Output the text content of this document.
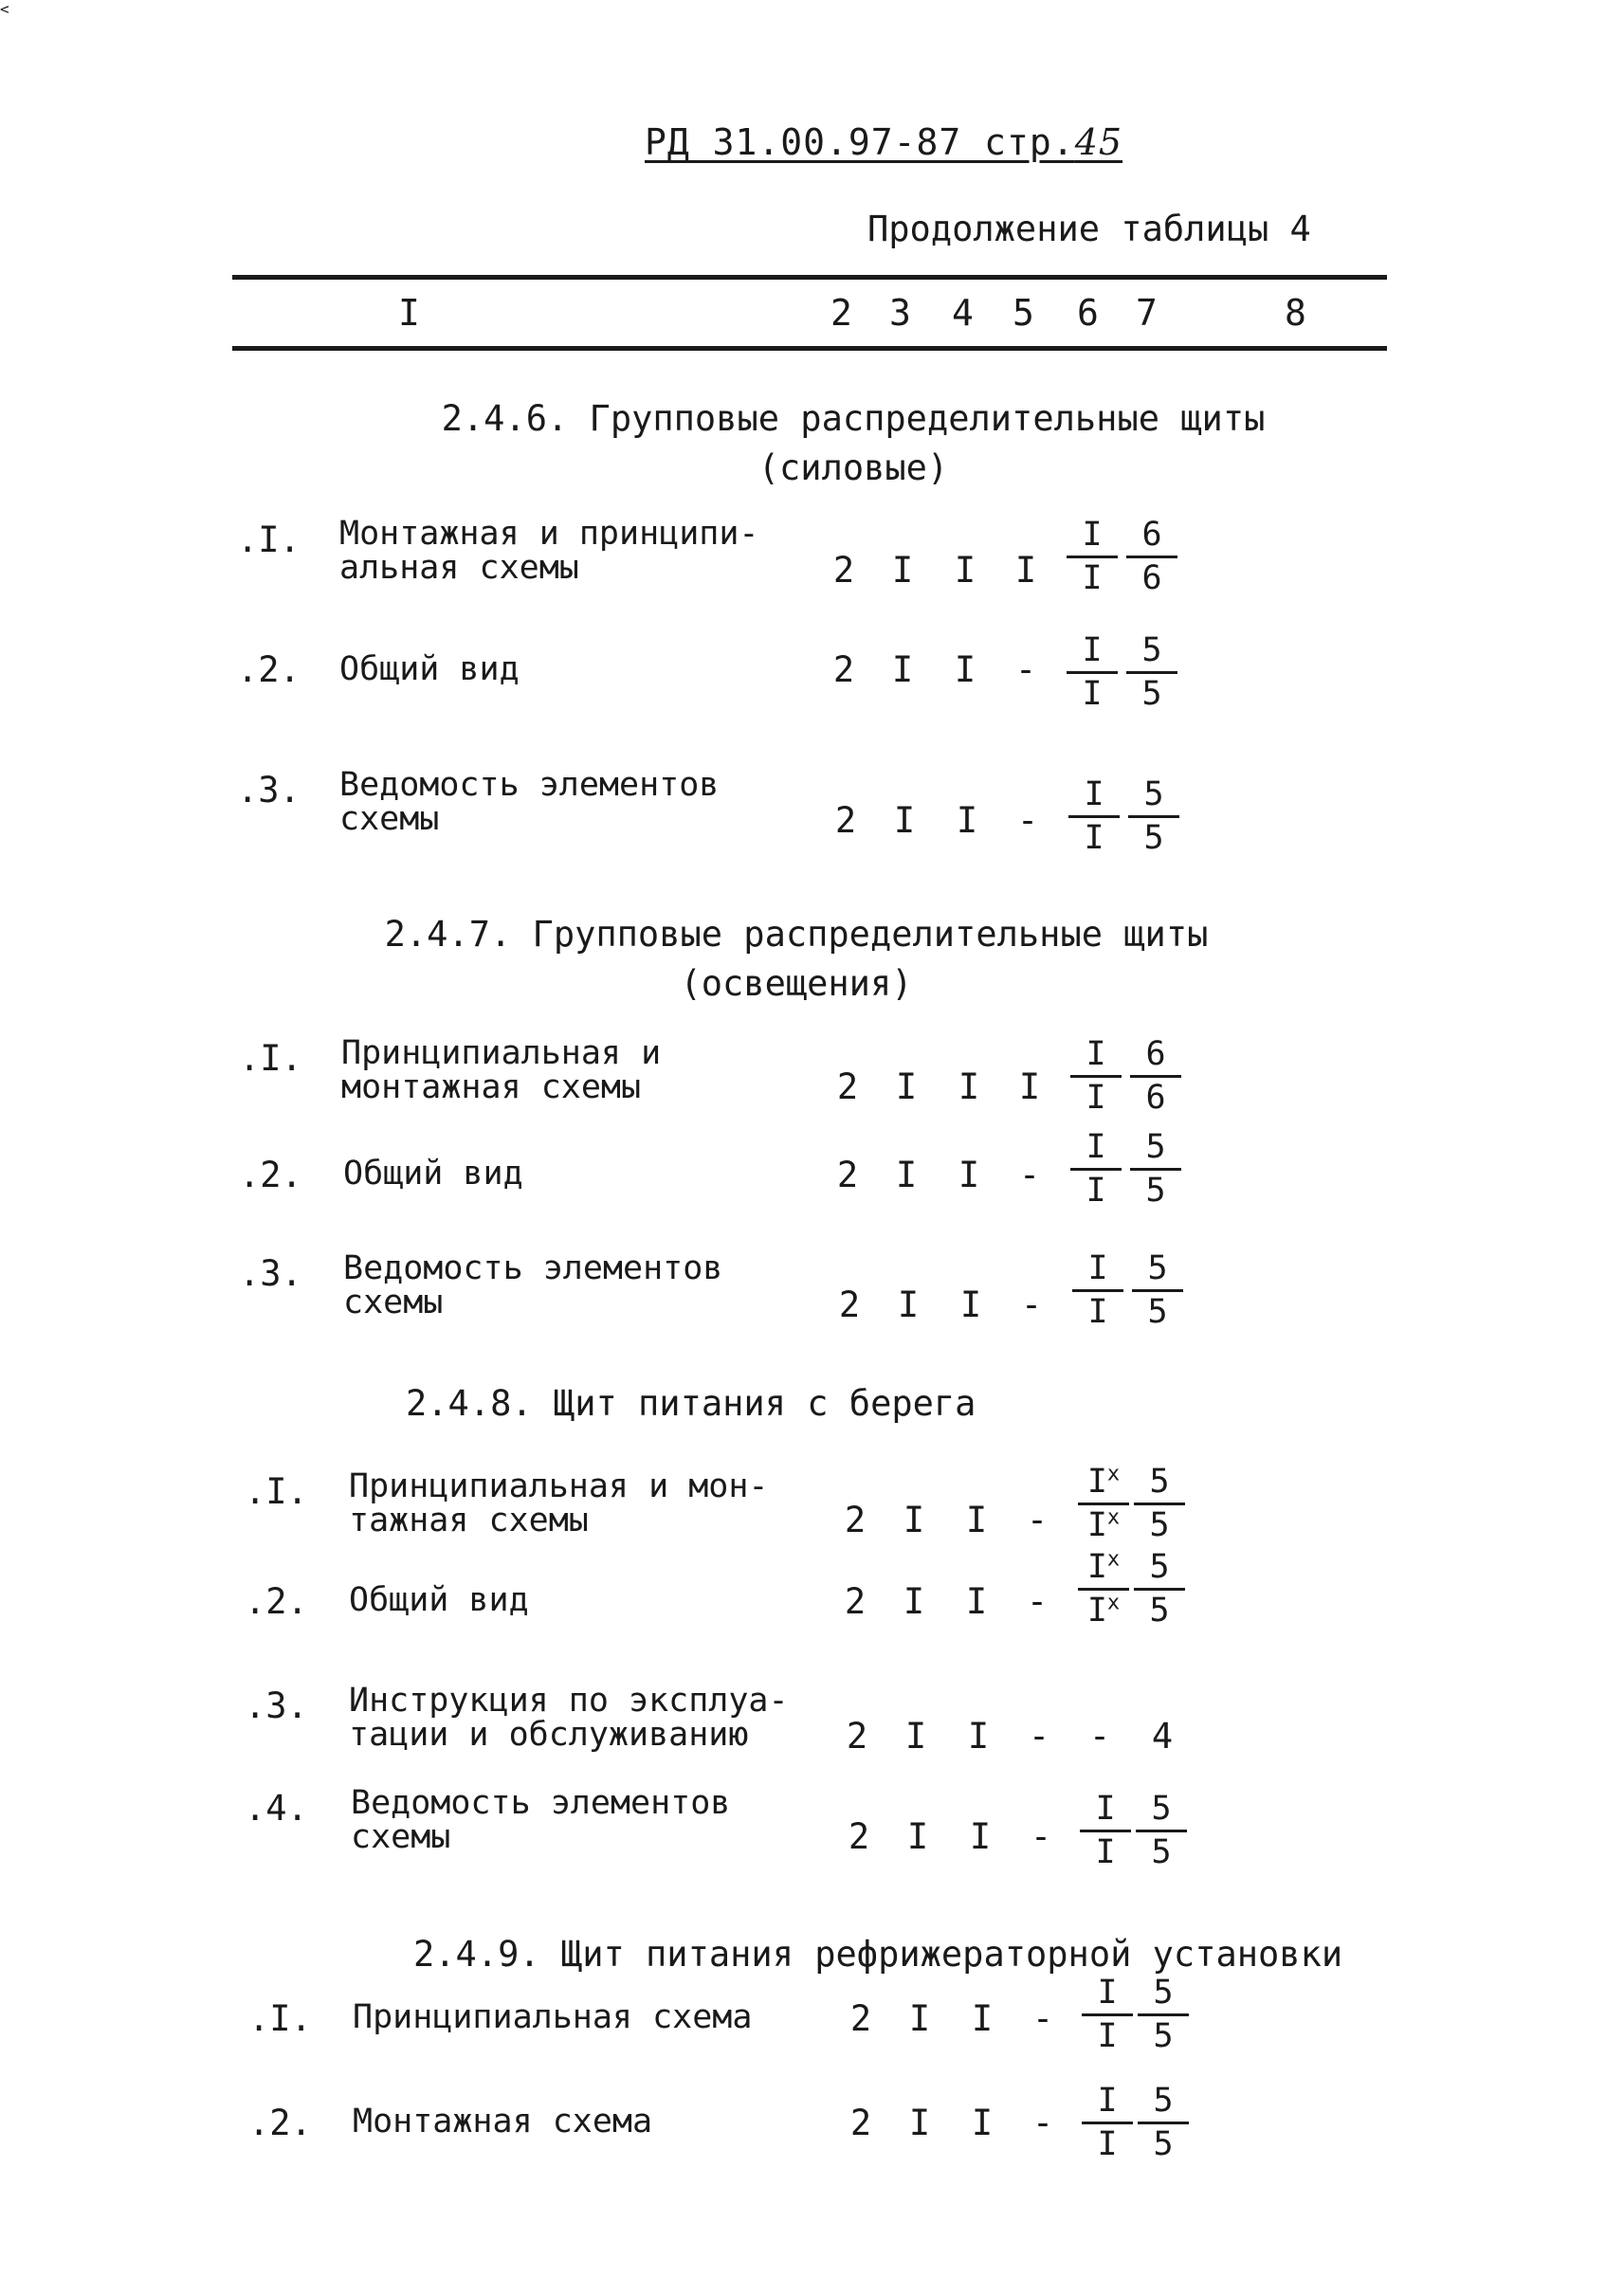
РД 31.00.97-87 стр.45
Продолжение таблицы 4
I	2 3 4 5 6 7	8
2.4.6. Групповые распределительные щиты
(силовые)
.I. Монтажная и принципи-
альная схемы	2 I I I $\frac{I}{I} \frac{6}{6}$
.2. Общий вид	2 I I - $\frac{I}{I} \frac{5}{5}$
.3. Ведомость элементов
схемы	2 I I - $\frac{I}{I} \frac{5}{5}$
2.4.7. Групповые распределительные щиты
(освещения)
.I. Принципиальная и
монтажная схемы	2 I I I $\frac{I}{I} \frac{6}{6}$
<
.2. Общий вид	2 I I - $\frac{I}{I} \frac{5}{5}$
.3. Ведомость элементов
схемы	2 I I - $\frac{I}{I} \frac{5}{5}$
2.4.8. Щит питания с берега
.I. Принципиальная и мон-
тажная схемы	2 I I - $\frac{I^x}{I^x} \frac{5}{5}$
.2. Общий вид	2 I I - $\frac{I^x}{I^x} \frac{5}{5}$
.3. Инструкция по эксплуа-
тации и обслуживанию	2 I I - - 4
.4. Ведомость элементов
схемы	2 I I - $\frac{I}{I} \frac{5}{5}$
2.4.9. Щит питания рефрижераторной установки
.I. Принципиальная схема	2 I I - $\frac{I}{I} \frac{5}{5}$
.2. Монтажная схема	2 I I - $\frac{I}{I} \frac{5}{5}$
